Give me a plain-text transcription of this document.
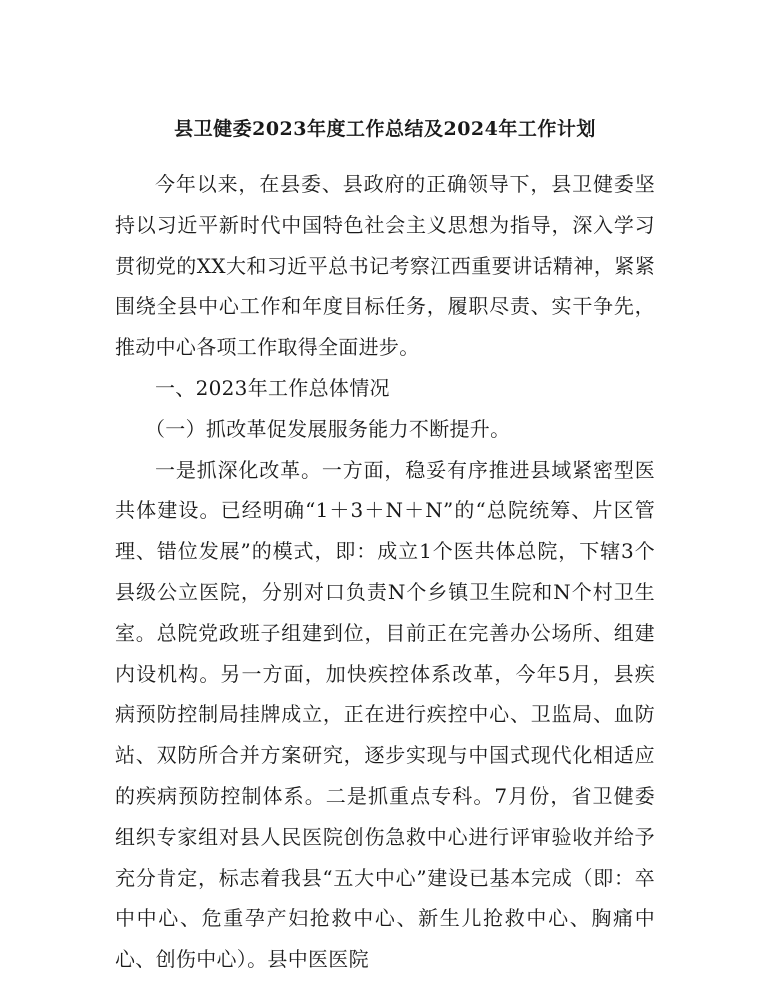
县卫健委2023年度工作总结及2024年工作计划

今年以来，在县委、县政府的正确领导下，县卫健委坚持以习近平新时代中国特色社会主义思想为指导，深入学习贯彻党的XX大和习近平总书记考察江西重要讲话精神，紧紧围绕全县中心工作和年度目标任务，履职尽责、实干争先，推动中心各项工作取得全面进步。

一、2023年工作总体情况

（一）抓改革促发展服务能力不断提升。

一是抓深化改革。一方面，稳妥有序推进县域紧密型医共体建设。已经明确“1＋3＋N＋N”的“总院统筹、片区管理、错位发展”的模式，即：成立1个医共体总院，下辖3个县级公立医院，分别对口负责N个乡镇卫生院和N个村卫生室。总院党政班子组建到位，目前正在完善办公场所、组建内设机构。另一方面，加快疾控体系改革，今年5月，县疾病预防控制局挂牌成立，正在进行疾控中心、卫监局、血防站、双防所合并方案研究，逐步实现与中国式现代化相适应的疾病预防控制体系。二是抓重点专科。7月份，省卫健委组织专家组对县人民医院创伤急救中心进行评审验收并给予充分肯定，标志着我县“五大中心”建设已基本完成（即：卒中中心、危重孕产妇抢救中心、新生儿抢救中心、胸痛中心、创伤中心）。县中医医院
